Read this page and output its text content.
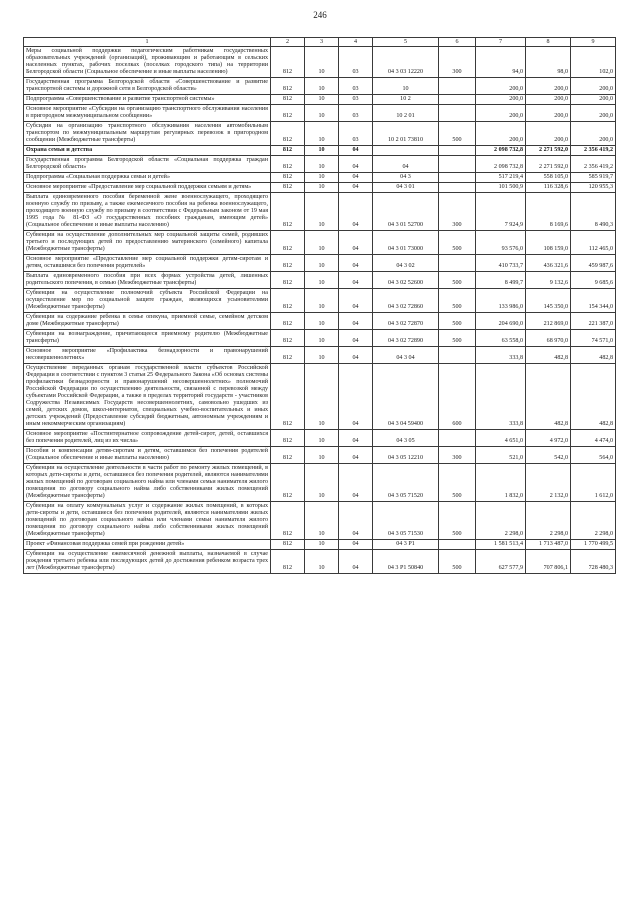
246
1	2	3	4	5	6	7	8	9
Меры социальной поддержки педагогическим работникам государственных образовательных учреждений (организаций), проживающим и работающим в сельских населенных пунктах, рабочих поселках (поселках городского типа) на территории Белгородской области (Социальное обеспечение и иные выплаты населению)	812	10	03	04 3 03 12220	300	94,0	98,0	102,0
Государственная программа Белгородской области «Совершенствование и развитие транспортной системы и дорожной сети в Белгородской области»	812	10	03	10		200,0	200,0	200,0
Подпрограмма «Совершенствование и развитие транспортной системы»	812	10	03	10 2		200,0	200,0	200,0
Основное мероприятие «Субсидия на организацию транспортного обслуживания населения в пригородном межмуниципальном сообщении»	812	10	03	10 2 01		200,0	200,0	200,0
Субсидия на организацию транспортного обслуживания населения автомобильным транспортом по межмуниципальным маршрутам регулярных перевозок в пригородном сообщении (Межбюджетные трансферты)	812	10	03	10 2 01 73810	500	200,0	200,0	200,0
Охрана семьи и детства	812	10	04			2 098 732,8	2 271 592,0	2 356 419,2
Государственная программа Белгородской области «Социальная поддержка граждан Белгородской области»	812	10	04	04		2 098 732,8	2 271 592,0	2 356 419,2
Подпрограмма «Социальная поддержка семьи и детей»	812	10	04	04 3		517 219,4	558 105,0	585 919,7
Основное мероприятие «Предоставление мер социальной поддержки семьям и детям»	812	10	04	04 3 01		101 500,9	116 328,6	120 955,3
Выплата единовременного пособия беременной жене военнослужащего, проходящего военную службу по призыву, а также ежемесячного пособия на ребенка военнослужащего, проходящего военную службу по призыву в соответствии с Федеральным законом от 19 мая 1995 года № 81-ФЗ «О государственных пособиях гражданам, имеющим детей» (Социальное обеспечение и иные выплаты населению)	812	10	04	04 3 01 52700	300	7 924,9	8 169,6	8 490,3
Субвенции на осуществление дополнительных мер социальной защиты семей, родивших третьего и последующих детей по предоставлению материнского (семейного) капитала (Межбюджетные трансферты)	812	10	04	04 3 01 73000	500	93 576,0	108 159,0	112 465,0
Основное мероприятие «Предоставление мер социальной поддержки детям-сиротам и детям, оставшимся без попечения родителей»	812	10	04	04 3 02		410 733,7	436 321,6	459 987,6
Выплата единовременного пособия при всех формах устройства детей, лишенных родительского попечения, в семью (Межбюджетные трансферты)	812	10	04	04 3 02 52600	500	8 499,7	9 132,6	9 685,6
Субвенции на осуществление полномочий субъекта Российской Федерации на осуществление мер по социальной защите граждан, являющихся усыновителями (Межбюджетные трансферты)	812	10	04	04 3 02 72860	500	133 986,0	145 350,0	154 344,0
Субвенции на содержание ребенка в семье опекуна, приемной семье, семейном детском доме (Межбюджетные трансферты)	812	10	04	04 3 02 72870	500	204 690,0	212 869,0	221 387,0
Субвенции на вознаграждение, причитающееся приемному родителю (Межбюджетные трансферты)	812	10	04	04 3 02 72890	500	63 558,0	68 970,0	74 571,0
Основное мероприятие «Профилактика безнадзорности и правонарушений несовершеннолетних»	812	10	04	04 3 04		333,8	482,8	482,8
Осуществление переданных органам государственной власти субъектов Российской Федерации в соответствии с пунктом 3 статьи 25 Федерального Закона «Об основах системы профилактики безнадзорности и правонарушений несовершеннолетних» полномочий Российской Федерации по осуществлению деятельности, связанной с перевозкой между субъектами Российской Федерации, а также в пределах территорий государств - участников Содружества Независимых Государств несовершеннолетних, самовольно ушедших из семей, детских домов, школ-интернатов, специальных учебно-воспитательных и иных детских учреждений (Предоставление субсидий бюджетным, автономным учреждениям и иным некоммерческим организациям)	812	10	04	04 3 04 59400	600	333,8	482,8	482,8
Основное мероприятие «Постинтернатное сопровождение детей-сирот, детей, оставшихся без попечения родителей, лиц из их числа»	812	10	04	04 3 05		4 651,0	4 972,0	4 474,0
Пособия и компенсации детям-сиротам и детям, оставшимся без попечения родителей (Социальное обеспечение и иные выплаты населению)	812	10	04	04 3 05 12210	300	521,0	542,0	564,0
Субвенции на осуществление деятельности в части работ по ремонту жилых помещений, в которых дети-сироты и дети, оставшиеся без попечения родителей, являются нанимателями жилых помещений по договорам социального найма или членами семьи нанимателя жилого помещения по договору социального найма либо собственниками жилых помещений (Межбюджетные трансферты)	812	10	04	04 3 05 71520	500	1 832,0	2 132,0	1 612,0
Субвенции на оплату коммунальных услуг и содержание жилых помещений, в которых дети-сироты и дети, оставшиеся без попечения родителей, являются нанимателями жилых помещений по договорам социального найма или членами семьи нанимателя жилого помещения по договору социального найма либо собственниками жилых помещений (Межбюджетные трансферты)	812	10	04	04 3 05 71530	500	2 298,0	2 298,0	2 298,0
Проект «Финансовая поддержка семей при рождении детей»	812	10	04	04 3 P1		1 581 513,4	1 713 487,0	1 770 499,5
Субвенции на осуществление ежемесячной денежной выплаты, назначаемой в случае рождения третьего ребенка или последующих детей до достижения ребенком возраста трех лет (Межбюджетные трансферты)	812	10	04	04 3 P1 50840	500	627 577,9	707 806,1	728 480,3
